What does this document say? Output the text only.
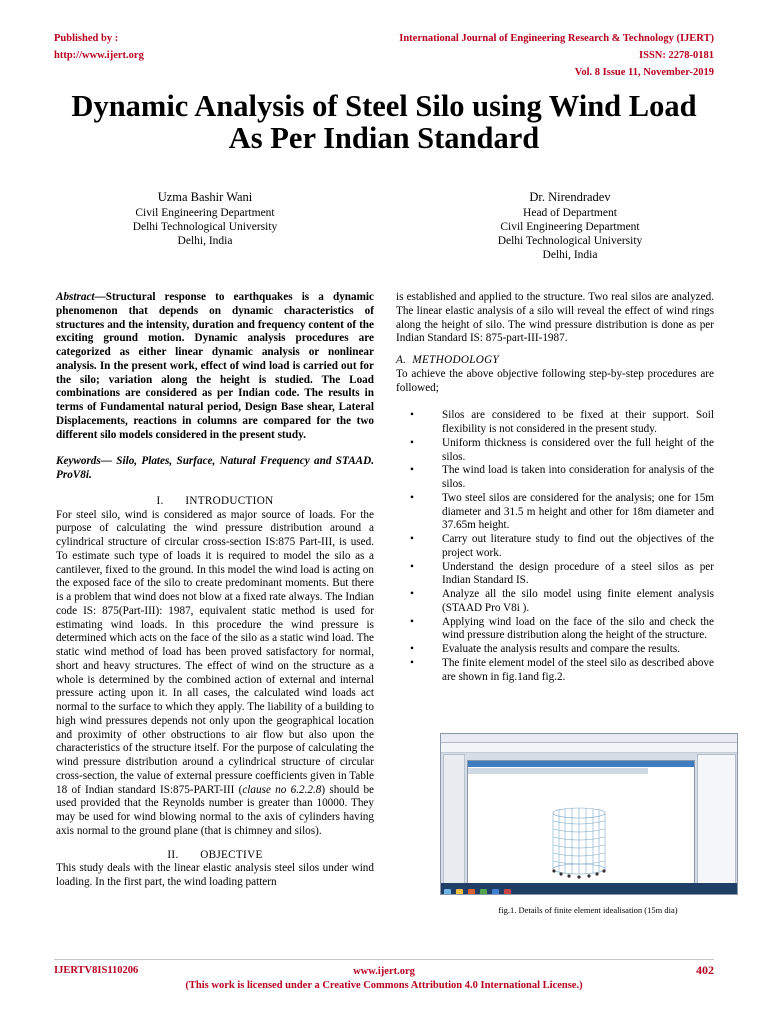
Published by :
http://www.ijert.org
International Journal of Engineering Research & Technology (IJERT)
ISSN: 2278-0181
Vol. 8 Issue 11, November-2019
Dynamic Analysis of Steel Silo using Wind Load
As Per Indian Standard
Uzma Bashir Wani
Civil Engineering Department
Delhi Technological University
Delhi, India
Dr. Nirendradev
Head of Department
Civil Engineering Department
Delhi Technological University
Delhi, India

Abstract—Structural response to earthquakes is a dynamic phenomenon that depends on dynamic characteristics of structures and the intensity, duration and frequency content of the exciting ground motion. Dynamic analysis procedures are categorized as either linear dynamic analysis or nonlinear analysis. In the present work, effect of wind load is carried out for the silo; variation along the height is studied. The Load combinations are considered as per Indian code. The results in terms of Fundamental natural period, Design Base shear, Lateral Displacements, reactions in columns are compared for the two different silo models considered in the present study.

Keywords— Silo, Plates, Surface, Natural Frequency and STAAD. ProV8i.

I.       INTRODUCTION

For steel silo, wind is considered as major source of loads. For the purpose of calculating the wind pressure distribution around a cylindrical structure of circular cross-section IS:875 Part-III, is used. To estimate such type of loads it is required to model the silo as a cantilever, fixed to the ground. In this model the wind load is acting on the exposed face of the silo to create predominant moments. But there is a problem that wind does not blow at a fixed rate always. The Indian code IS: 875(Part-III): 1987, equivalent static method is used for estimating wind loads. In this procedure the wind pressure is determined which acts on the face of the silo as a static wind load. The static wind method of load has been proved satisfactory for normal, short and heavy structures. The effect of wind on the structure as a whole is determined by the combined action of external and internal pressure acting upon it. In all cases, the calculated wind loads act normal to the surface to which they apply. The liability of a building to high wind pressures depends not only upon the geographical location and proximity of other obstructions to air flow but also upon the characteristics of the structure itself. For the purpose of calculating the wind pressure distribution around a cylindrical structure of circular cross-section, the value of external pressure coefficients given in Table 18 of Indian standard IS:875-PART-III (clause no 6.2.2.8) should be used provided that the Reynolds number is greater than 10000. They may be used for wind blowing normal to the axis of cylinders having axis normal to the ground plane (that is chimney and silos).

II.       OBJECTIVE

This study deals with the linear elastic analysis steel silos under wind loading. In the first part, the wind loading pattern

is established and applied to the structure. Two real silos are analyzed. The linear elastic analysis of a silo will reveal the effect of wind rings along the height of silo. The wind pressure distribution is done as per Indian Standard IS: 875-part-III-1987.

A.  METHODOLOGY

To achieve the above objective following step-by-step procedures are followed;

•	Silos are considered to be fixed at their support. Soil flexibility is not considered in the present study.
•	Uniform thickness is considered over the full height of the silos.
•	The wind load is taken into consideration for analysis of the silos.
•	Two steel silos are considered for the analysis; one for 15m diameter and 31.5 m height and other for 18m diameter and 37.65m height.
•	Carry out literature study to find out the objectives of the project work.
•	Understand the design procedure of a steel silos as per Indian Standard IS.
•	Analyze all the silo model using finite element analysis (STAAD Pro V8i ).
•	Applying wind load on the face of the silo and check the wind pressure distribution along the height of the structure.
•	Evaluate the analysis results and compare the results.
•	The finite element model of the steel silo as described above are shown in fig.1and fig.2.
fig.1. Details of finite element idealisation (15m dia)
IJERTV8IS110206	www.ijert.org
(This work is licensed under a Creative Commons Attribution 4.0 International License.)
402
